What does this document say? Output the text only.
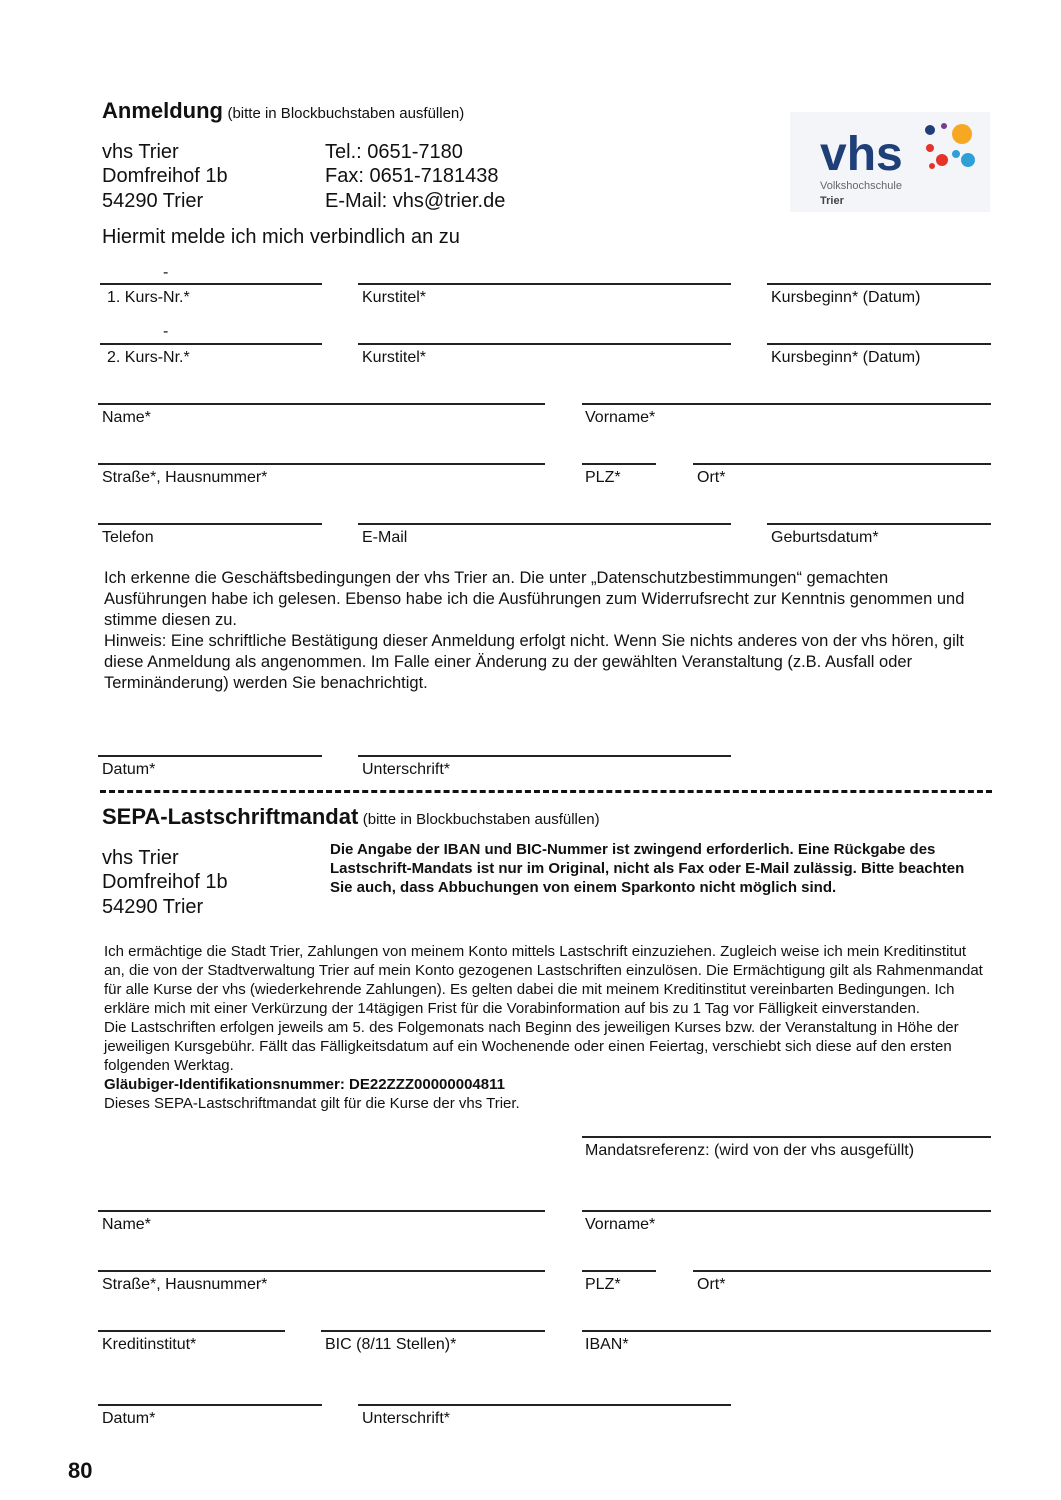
Anmeldung (bitte in Blockbuchstaben ausfüllen)
vhs Trier
Domfreihof 1b
54290 Trier
Tel.: 0651-7180
Fax: 0651-7181438
E-Mail: vhs@trier.de
Hiermit melde ich mich verbindlich an zu
vhs
Volkshochschule
Trier
-
1. Kurs-Nr.*	Kurstitel*	Kursbeginn* (Datum)
-
2. Kurs-Nr.*	Kurstitel*	Kursbeginn* (Datum)
Name*	Vorname*
Straße*, Hausnummer*	PLZ*	Ort*
Telefon	E-Mail	Geburtsdatum*

Ich erkenne die Geschäftsbedingungen der vhs Trier an. Die unter „Datenschutzbestimmungen“ gemachten Ausführungen habe ich gelesen. Ebenso habe ich die Ausführungen zum Widerrufsrecht zur Kenntnis genommen und stimme diesen zu.

Hinweis: Eine schriftliche Bestätigung dieser Anmeldung erfolgt nicht. Wenn Sie nichts anderes von der vhs hören, gilt diese Anmeldung als angenommen. Im Falle einer Änderung zu der gewählten Veranstaltung (z.B. Ausfall oder Terminänderung) werden Sie benachrichtigt.

Datum*	Unterschrift*
SEPA-Lastschriftmandat (bitte in Blockbuchstaben ausfüllen)
vhs Trier
Domfreihof 1b
54290 Trier
Die Angabe der IBAN und BIC-Nummer ist zwingend erforderlich. Eine Rückgabe des Lastschrift-Mandats ist nur im Original, nicht als Fax oder E-Mail zulässig. Bitte beachten Sie auch, dass Abbuchungen von einem Sparkonto nicht möglich sind.

Ich ermächtige die Stadt Trier, Zahlungen von meinem Konto mittels Lastschrift einzuziehen. Zugleich weise ich mein Kreditinstitut an, die von der Stadtverwaltung Trier auf mein Konto gezogenen Lastschriften einzulösen. Die Ermächtigung gilt als Rahmenmandat für alle Kurse der vhs (wiederkehrende Zahlungen). Es gelten dabei die mit meinem Kreditinstitut vereinbarten Bedingungen. Ich erkläre mich mit einer Verkürzung der 14tägigen Frist für die Vorabinformation auf bis zu 1 Tag vor Fälligkeit einverstanden.

Die Lastschriften erfolgen jeweils am 5. des Folgemonats nach Beginn des jeweiligen Kurses bzw. der Veranstaltung in Höhe der jeweiligen Kursgebühr. Fällt das Fälligkeitsdatum auf ein Wochenende oder einen Feiertag, verschiebt sich diese auf den ersten folgenden Werktag.

Gläubiger-Identifikationsnummer: DE22ZZZ00000004811

Dieses SEPA-Lastschriftmandat gilt für die Kurse der vhs Trier.

Mandatsreferenz: (wird von der vhs ausgefüllt)
Name*	Vorname*
Straße*, Hausnummer*	PLZ*	Ort*
Kreditinstitut*	BIC (8/11 Stellen)*	IBAN*
Datum*	Unterschrift*
80
